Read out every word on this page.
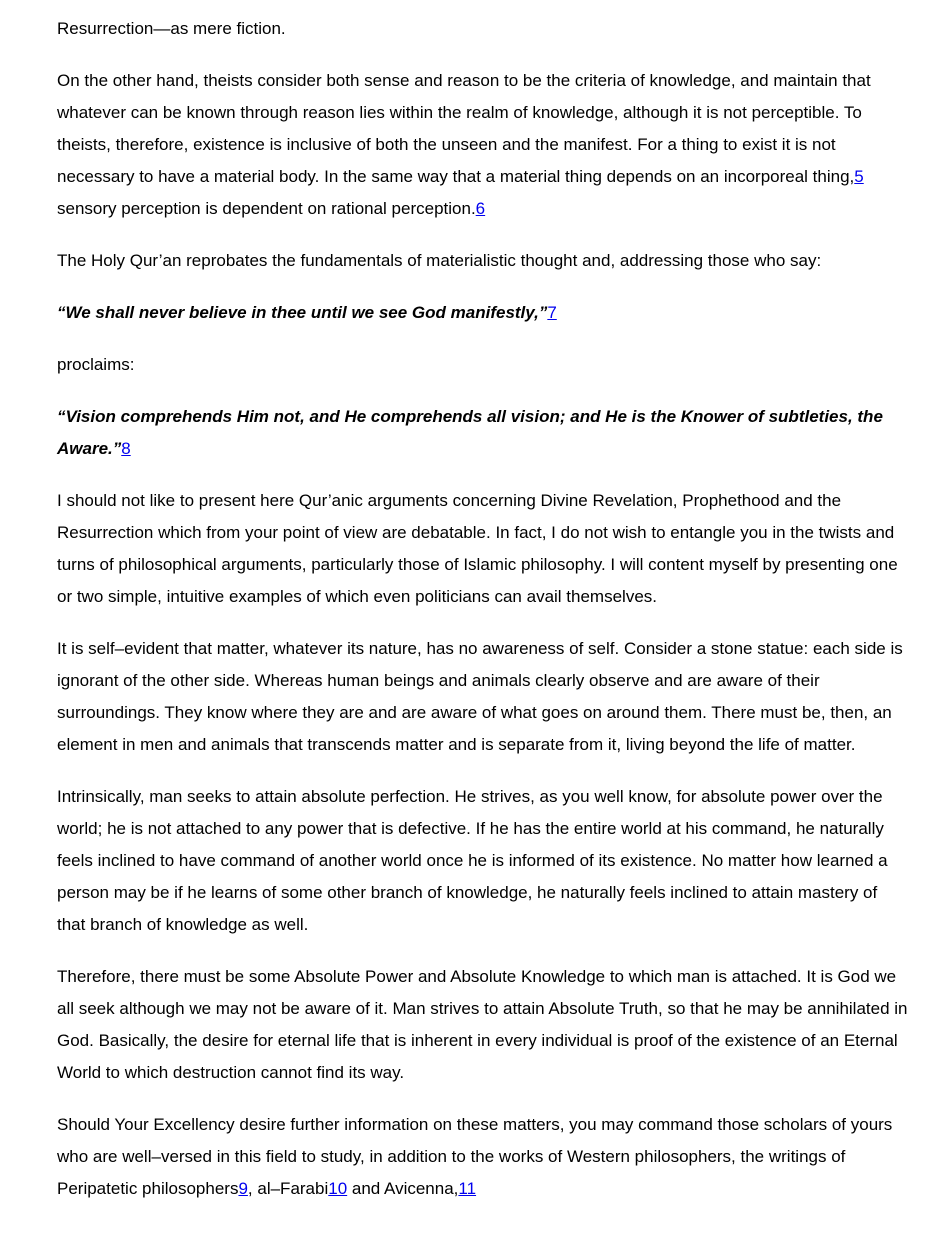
Resurrection—as mere fiction.

On the other hand, theists consider both sense and reason to be the criteria of knowledge, and maintain that whatever can be known through reason lies within the realm of knowledge, although it is not perceptible. To theists, therefore, existence is inclusive of both the unseen and the manifest. For a thing to exist it is not necessary to have a material body. In the same way that a material thing depends on an incorporeal thing,5 sensory perception is dependent on rational perception.6

The Holy Qur’an reprobates the fundamentals of materialistic thought and, addressing those who say:

“We shall never believe in thee until we see God manifestly,”7

proclaims:

“Vision comprehends Him not, and He comprehends all vision; and He is the Knower of subtleties, the Aware.”8

I should not like to present here Qur’anic arguments concerning Divine Revelation, Prophethood and the Resurrection which from your point of view are debatable. In fact, I do not wish to entangle you in the twists and turns of philosophical arguments, particularly those of Islamic philosophy. I will content myself by presenting one or two simple, intuitive examples of which even politicians can avail themselves.

It is self–evident that matter, whatever its nature, has no awareness of self. Consider a stone statue: each side is ignorant of the other side. Whereas human beings and animals clearly observe and are aware of their surroundings. They know where they are and are aware of what goes on around them. There must be, then, an element in men and animals that transcends matter and is separate from it, living beyond the life of matter.

Intrinsically, man seeks to attain absolute perfection. He strives, as you well know, for absolute power over the world; he is not attached to any power that is defective. If he has the entire world at his command, he naturally feels inclined to have command of another world once he is informed of its existence. No matter how learned a person may be if he learns of some other branch of knowledge, he naturally feels inclined to attain mastery of that branch of knowledge as well.

Therefore, there must be some Absolute Power and Absolute Knowledge to which man is attached. It is God we all seek although we may not be aware of it. Man strives to attain Absolute Truth, so that he may be annihilated in God. Basically, the desire for eternal life that is inherent in every individual is proof of the existence of an Eternal World to which destruction cannot find its way.

Should Your Excellency desire further information on these matters, you may command those scholars of yours who are well–versed in this field to study, in addition to the works of Western philosophers, the writings of Peripatetic philosophers9, al–Farabi10 and Avicenna,11
